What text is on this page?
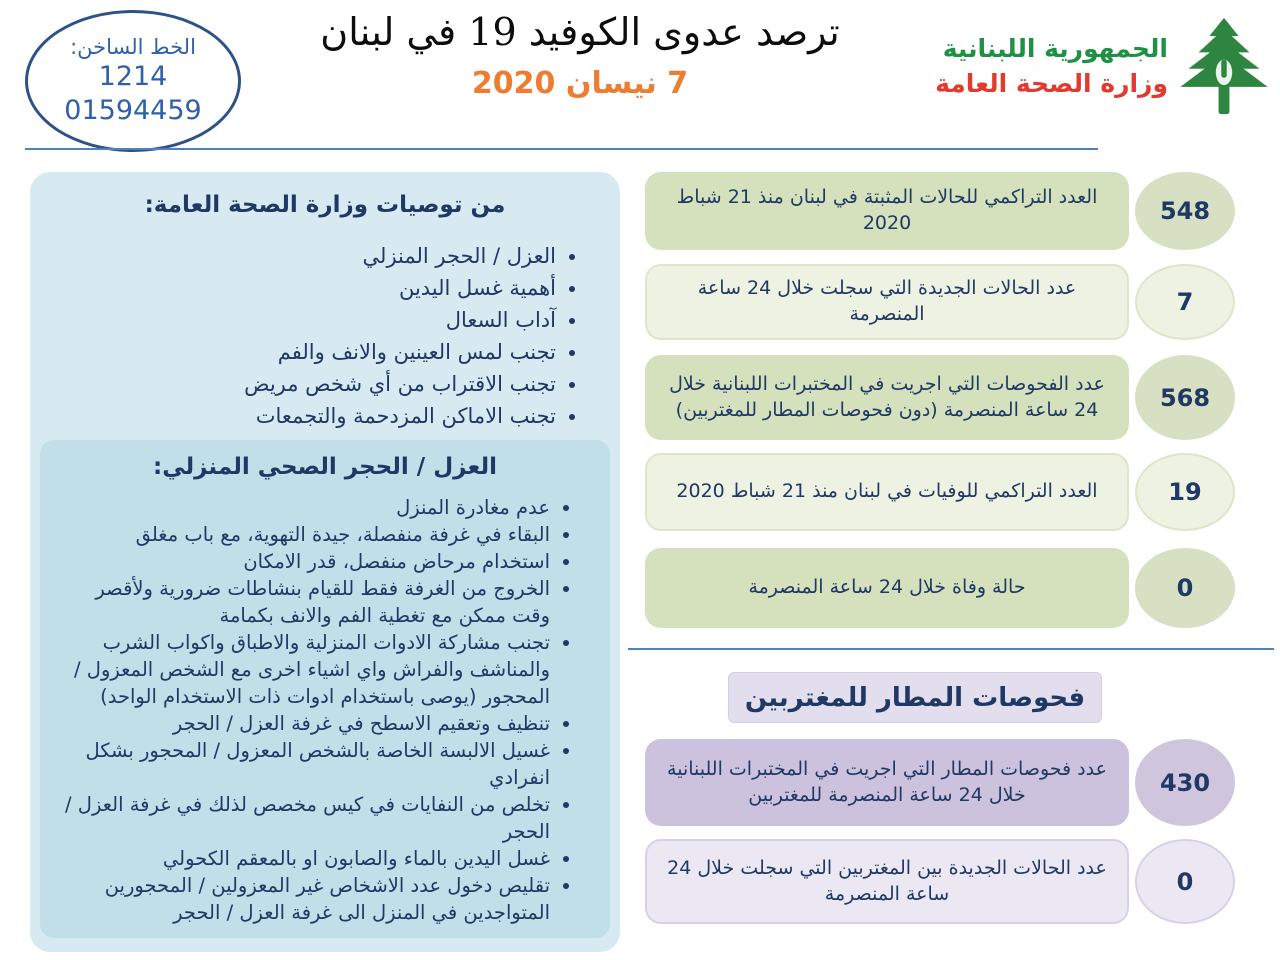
الخط الساخن:
1214
01594459
ترصد عدوى الكوفيد 19 في لبنان
7 نيسان 2020
الجمهورية اللبنانية
وزارة الصحة العامة
من توصيات وزارة الصحة العامة:
• العزل / الحجر المنزلي
• أهمية غسل اليدين
• آداب السعال
• تجنب لمس العينين والانف والفم
• تجنب الاقتراب من أي شخص مريض
• تجنب الاماكن المزدحمة والتجمعات
العزل / الحجر الصحي المنزلي:
• عدم مغادرة المنزل
• البقاء في غرفة منفصلة، جيدة التهوية، مع باب مغلق
• استخدام مرحاض منفصل، قدر الامكان
• الخروج من الغرفة فقط للقيام بنشاطات ضرورية ولأقصر وقت ممكن مع تغطية الفم والانف بكمامة
• تجنب مشاركة الادوات المنزلية والاطباق واكواب الشرب والمناشف والفراش واي اشياء اخرى مع الشخص المعزول / المحجور (يوصى باستخدام ادوات ذات الاستخدام الواحد)
• تنظيف وتعقيم الاسطح في غرفة العزل / الحجر
• غسيل الالبسة الخاصة بالشخص المعزول / المحجور بشكل انفرادي
• تخلص من النفايات في كيس مخصص لذلك في غرفة العزل / الحجر
• غسل اليدين بالماء والصابون او بالمعقم الكحولي
• تقليص دخول عدد الاشخاص غير المعزولين / المحجورين المتواجدين في المنزل الى غرفة العزل / الحجر
العدد التراكمي للحالات المثبتة في لبنان منذ 21 شباط 2020	548
عدد الحالات الجديدة التي سجلت خلال 24 ساعة المنصرمة	7
عدد الفحوصات التي اجريت في المختبرات اللبنانية خلال 24 ساعة المنصرمة (دون فحوصات المطار للمغتربين)	568
العدد التراكمي للوفيات في لبنان منذ 21 شباط 2020	19
حالة وفاة خلال 24 ساعة المنصرمة	0
فحوصات المطار للمغتربين
عدد فحوصات المطار التي اجريت في المختبرات اللبنانية خلال 24 ساعة المنصرمة للمغتربين	430
عدد الحالات الجديدة بين المغتربين التي سجلت خلال 24 ساعة المنصرمة	0
